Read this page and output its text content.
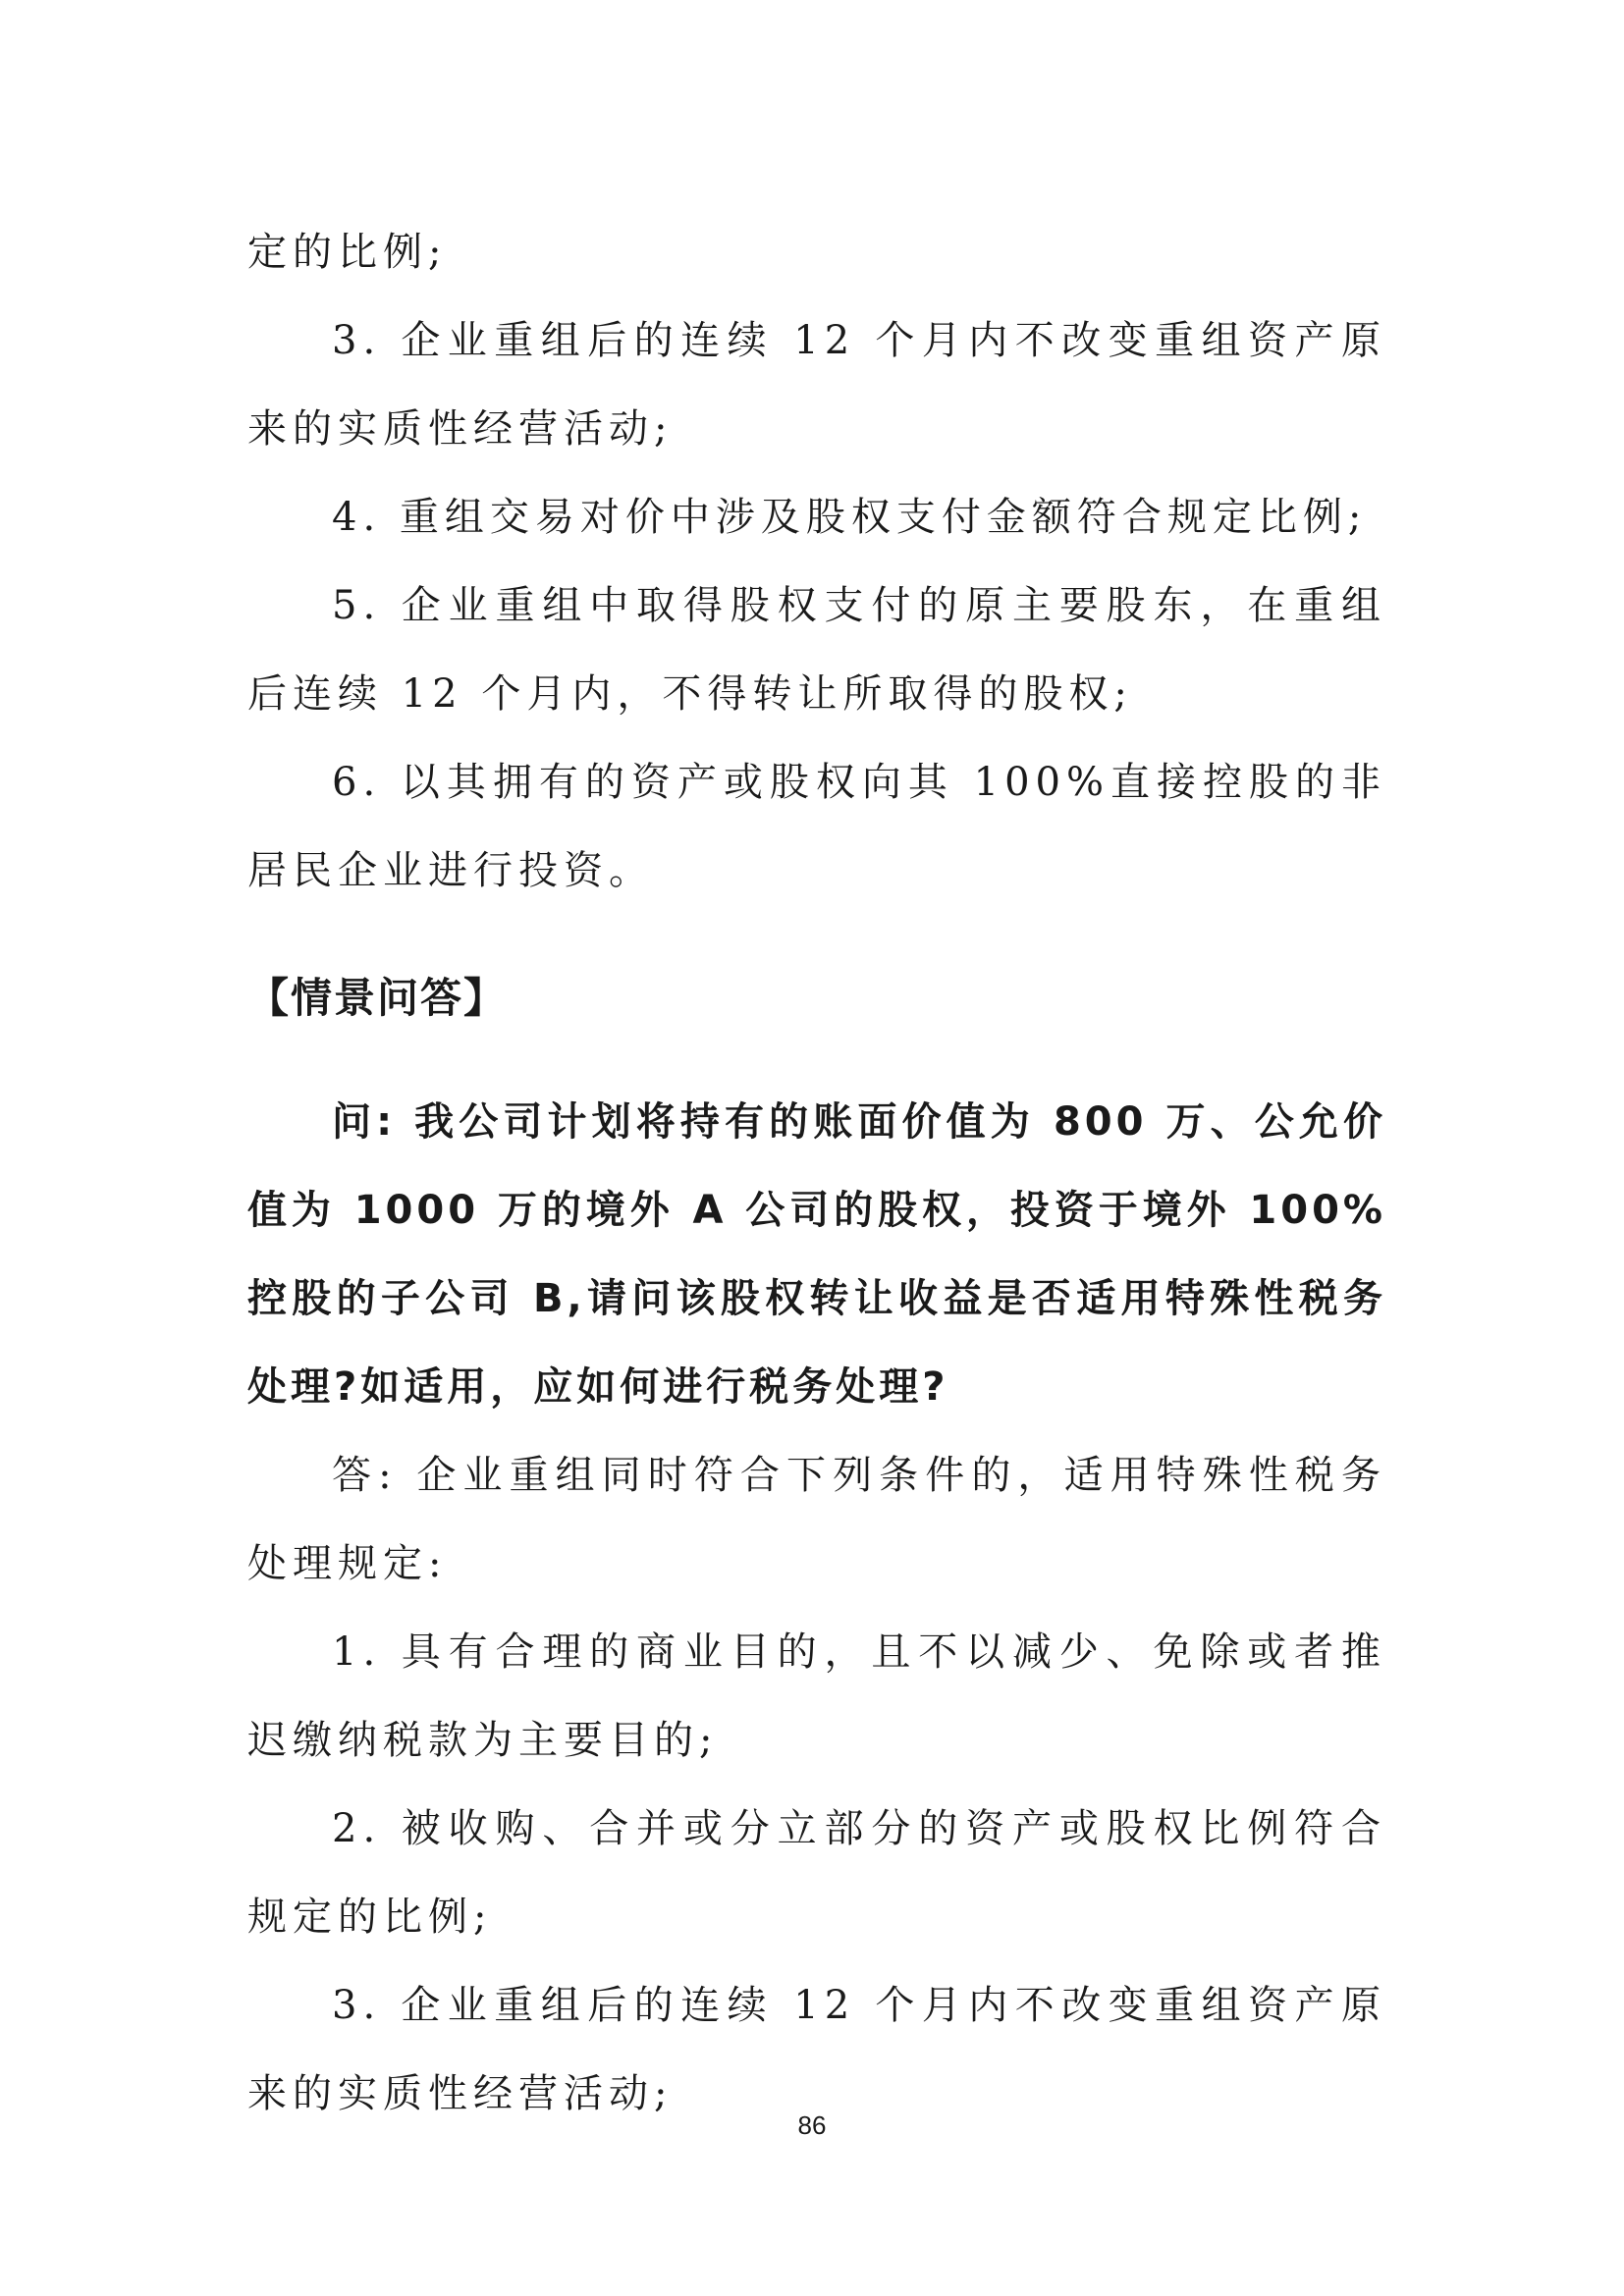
定的比例;

3. 企业重组后的连续 12 个月内不改变重组资产原来的实质性经营活动;

4. 重组交易对价中涉及股权支付金额符合规定比例;

5. 企业重组中取得股权支付的原主要股东，在重组后连续 12 个月内，不得转让所取得的股权;

6. 以其拥有的资产或股权向其 100%直接控股的非居民企业进行投资。

【情景问答】

问: 我公司计划将持有的账面价值为 800 万、公允价值为 1000 万的境外 A 公司的股权，投资于境外 100%控股的子公司 B,请问该股权转让收益是否适用特殊性税务处理?如适用，应如何进行税务处理?

答: 企业重组同时符合下列条件的，适用特殊性税务处理规定:

1. 具有合理的商业目的，且不以减少、免除或者推迟缴纳税款为主要目的;

2. 被收购、合并或分立部分的资产或股权比例符合规定的比例;

3. 企业重组后的连续 12 个月内不改变重组资产原来的实质性经营活动;

86
